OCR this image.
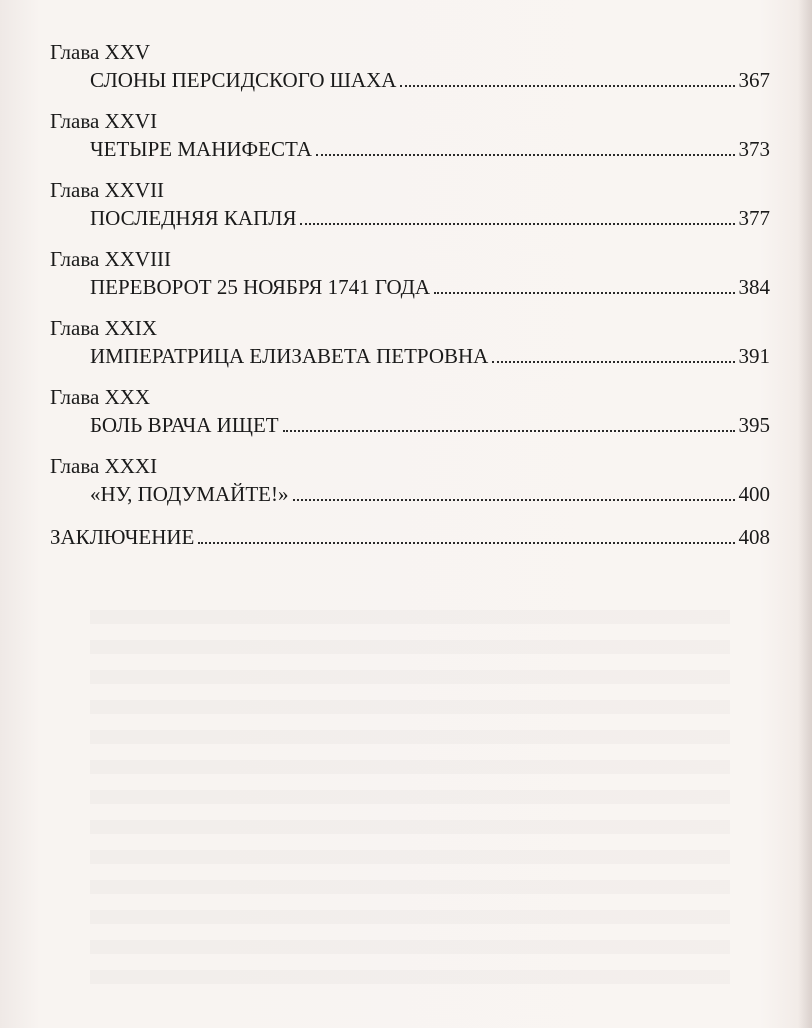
Глава XXV
СЛОНЫ ПЕРСИДСКОГО ШАХА	367
Глава XXVI
ЧЕТЫРЕ МАНИФЕСТА	373
Глава XXVII
ПОСЛЕДНЯЯ КАПЛЯ	377
Глава XXVIII
ПЕРЕВОРОТ 25 НОЯБРЯ 1741 ГОДА	384
Глава XXIX
ИМПЕРАТРИЦА ЕЛИЗАВЕТА ПЕТРОВНА	391
Глава XXX
БОЛЬ ВРАЧА ИЩЕТ	395
Глава XXXI
«НУ, ПОДУМАЙТЕ!»	400
ЗАКЛЮЧЕНИЕ	408
